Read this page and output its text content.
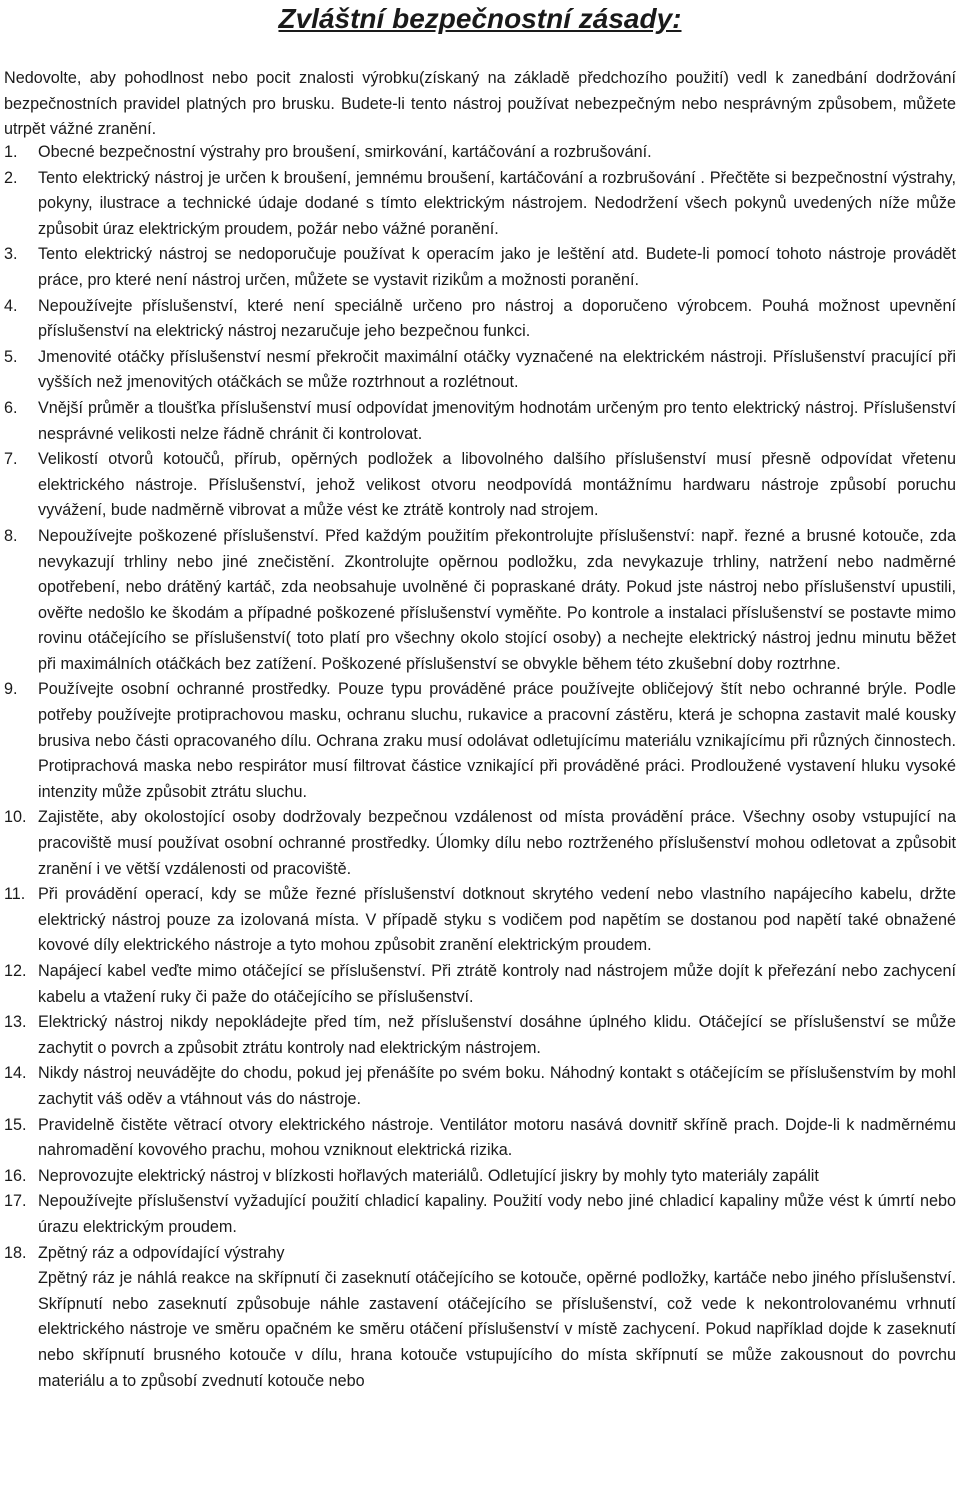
Zvláštní bezpečnostní zásady:

Nedovolte, aby pohodlnost nebo pocit znalosti výrobku(získaný na základě předchozího použití) vedl k zanedbání dodržování bezpečnostních pravidel platných pro brusku. Budete-li tento nástroj používat nebezpečným nebo nesprávným způsobem, můžete utrpět vážné zranění.

1. Obecné bezpečnostní výstrahy pro broušení, smirkování, kartáčování a rozbrušování.
2. Tento elektrický nástroj je určen k broušení, jemnému broušení, kartáčování a rozbrušování . Přečtěte si bezpečnostní výstrahy, pokyny, ilustrace a technické údaje dodané s tímto elektrickým nástrojem. Nedodržení všech pokynů uvedených níže může způsobit úraz elektrickým proudem, požár nebo vážné poranění.
3. Tento elektrický nástroj se nedoporučuje používat k operacím jako je leštění atd. Budete-li pomocí tohoto nástroje provádět práce, pro které není nástroj určen, můžete se vystavit rizikům a možnosti poranění.
4. Nepoužívejte příslušenství, které není speciálně určeno pro nástroj a doporučeno výrobcem. Pouhá možnost upevnění příslušenství na elektrický nástroj nezaručuje jeho bezpečnou funkci.
5. Jmenovité otáčky příslušenství nesmí překročit maximální otáčky vyznačené na elektrickém nástroji. Příslušenství pracující při vyšších než jmenovitých otáčkách se může roztrhnout a rozlétnout.
6. Vnější průměr a tloušťka příslušenství musí odpovídat jmenovitým hodnotám určeným pro tento elektrický nástroj. Příslušenství nesprávné velikosti nelze řádně chránit či kontrolovat.
7. Velikostí otvorů kotoučů, přírub, opěrných podložek a libovolného dalšího příslušenství musí přesně odpovídat vřetenu elektrického nástroje. Příslušenství, jehož velikost otvoru neodpovídá montážnímu hardwaru nástroje způsobí poruchu vyvážení, bude nadměrně vibrovat a může vést ke ztrátě kontroly nad strojem.
8. Nepoužívejte poškozené příslušenství. Před každým použitím překontrolujte příslušenství: např. řezné a brusné kotouče, zda nevykazují trhliny nebo jiné znečistění. Zkontrolujte opěrnou podložku, zda nevykazuje trhliny, natržení nebo nadměrné opotřebení, nebo drátěný kartáč, zda neobsahuje uvolněné či popraskané dráty. Pokud jste nástroj nebo příslušenství upustili, ověřte nedošlo ke škodám a případné poškozené příslušenství vyměňte. Po kontrole a instalaci příslušenství se postavte mimo rovinu otáčejícího se příslušenství( toto platí pro všechny okolo stojící osoby) a nechejte elektrický nástroj jednu minutu běžet při maximálních otáčkách bez zatížení. Poškozené příslušenství se obvykle během této zkušební doby roztrhne.
9. Používejte osobní ochranné prostředky. Pouze typu prováděné práce používejte obličejový štít nebo ochranné brýle. Podle potřeby používejte protiprachovou masku, ochranu sluchu, rukavice a pracovní zástěru, která je schopna zastavit malé kousky brusiva nebo části opracovaného dílu. Ochrana zraku musí odolávat odletujícímu materiálu vznikajícímu při různých činnostech. Protiprachová maska nebo respirátor musí filtrovat částice vznikající při prováděné práci. Prodloužené vystavení hluku vysoké intenzity může způsobit ztrátu sluchu.
10. Zajistěte, aby okolostojící osoby dodržovaly bezpečnou vzdálenost od místa provádění práce. Všechny osoby vstupující na pracoviště musí používat osobní ochranné prostředky. Úlomky dílu nebo roztrženého příslušenství mohou odletovat a způsobit zranění i ve větší vzdálenosti od pracoviště.
11. Při provádění operací, kdy se může řezné příslušenství dotknout skrytého vedení nebo vlastního napájecího kabelu, držte elektrický nástroj pouze za izolovaná místa. V případě styku s vodičem pod napětím se dostanou pod napětí také obnažené kovové díly elektrického nástroje a tyto mohou způsobit zranění elektrickým proudem.
12. Napájecí kabel veďte mimo otáčející se příslušenství. Při ztrátě kontroly nad nástrojem může dojít k přeřezání nebo zachycení kabelu a vtažení ruky či paže do otáčejícího se příslušenství.
13. Elektrický nástroj nikdy nepokládejte před tím, než příslušenství dosáhne úplného klidu. Otáčející se příslušenství se může zachytit o povrch a způsobit ztrátu kontroly nad elektrickým nástrojem.
14. Nikdy nástroj neuvádějte do chodu, pokud jej přenášíte po svém boku. Náhodný kontakt s otáčejícím se příslušenstvím by mohl zachytit váš oděv a vtáhnout vás do nástroje.
15. Pravidelně čistěte větrací otvory elektrického nástroje. Ventilátor motoru nasává dovnitř skříně prach. Dojde-li k nadměrnému nahromadění kovového prachu, mohou vzniknout elektrická rizika.
16. Neprovozujte elektrický nástroj v blízkosti hořlavých materiálů. Odletující jiskry by mohly tyto materiály zapálit
17. Nepoužívejte příslušenství vyžadující použití chladicí kapaliny. Použití vody nebo jiné chladicí kapaliny může vést k úmrtí nebo úrazu elektrickým proudem.
18. Zpětný ráz a odpovídající výstrahy
Zpětný ráz je náhlá reakce na skřípnutí či zaseknutí otáčejícího se kotouče, opěrné podložky, kartáče nebo jiného příslušenství. Skřípnutí nebo zaseknutí způsobuje náhle zastavení otáčejícího se příslušenství, což vede k nekontrolovanému vrhnutí elektrického nástroje ve směru opačném ke směru otáčení příslušenství v místě zachycení. Pokud například dojde k zaseknutí nebo skřípnutí brusného kotouče v dílu, hrana kotouče vstupujícího do místa skřípnutí se může zakousnout do povrchu materiálu a to způsobí zvednutí kotouče nebo
